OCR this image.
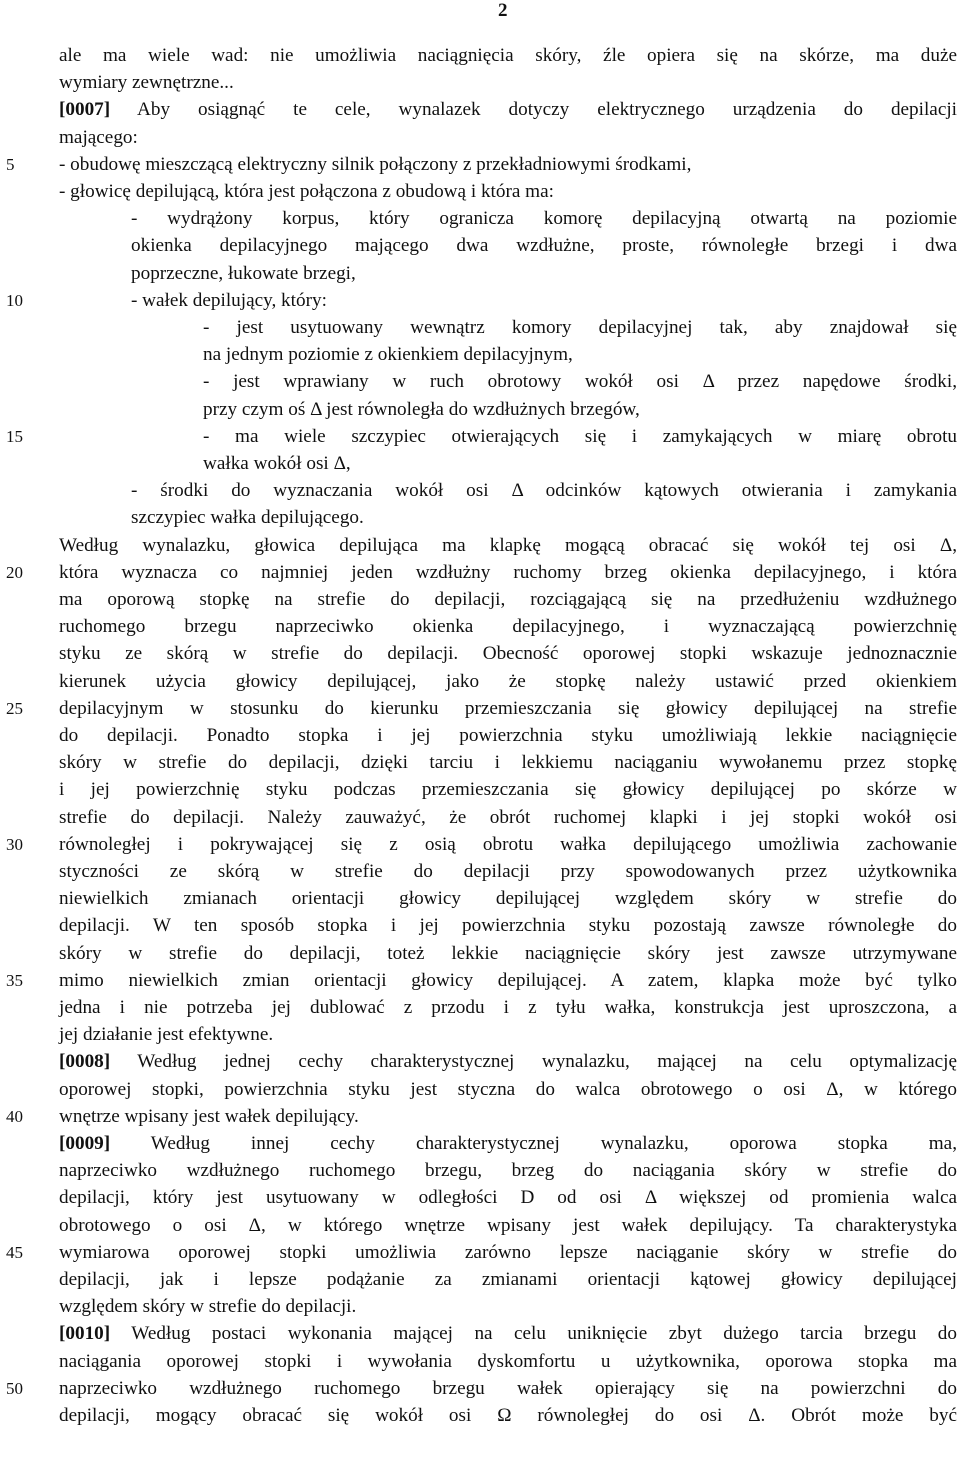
2
5
10
15
20
25
30
35
40
45
50
ale ma wiele wad: nie umożliwia naciągnięcia skóry, źle opiera się na skórze, ma duże
wymiary zewnętrzne...
[0007] Aby osiągnąć te cele, wynalazek dotyczy elektrycznego urządzenia do depilacji
mającego:
- obudowę mieszczącą elektryczny silnik połączony z przekładniowymi środkami,
- głowicę depilującą, która jest połączona z obudową i która ma:
- wydrążony korpus, który ogranicza komorę depilacyjną otwartą na poziomie
okienka depilacyjnego mającego dwa wzdłużne, proste, równoległe brzegi i dwa
poprzeczne, łukowate brzegi,
- wałek depilujący, który:
- jest usytuowany wewnątrz komory depilacyjnej tak, aby znajdował się
na jednym poziomie z okienkiem depilacyjnym,
- jest wprawiany w ruch obrotowy wokół osi Δ przez napędowe środki,
przy czym oś Δ jest równoległa do wzdłużnych brzegów,
- ma wiele szczypiec otwierających się i zamykających w miarę obrotu
wałka wokół osi Δ,
- środki do wyznaczania wokół osi Δ odcinków kątowych otwierania i zamykania
szczypiec wałka depilującego.
Według wynalazku, głowica depilująca ma klapkę mogącą obracać się wokół tej osi Δ,
która wyznacza co najmniej jeden wzdłużny ruchomy brzeg okienka depilacyjnego, i która
ma oporową stopkę na strefie do depilacji, rozciągającą się na przedłużeniu wzdłużnego
ruchomego brzegu naprzeciwko okienka depilacyjnego, i wyznaczającą powierzchnię
styku ze skórą w strefie do depilacji. Obecność oporowej stopki wskazuje jednoznacznie
kierunek użycia głowicy depilującej, jako że stopkę należy ustawić przed okienkiem
depilacyjnym w stosunku do kierunku przemieszczania się głowicy depilującej na strefie
do depilacji. Ponadto stopka i jej powierzchnia styku umożliwiają lekkie naciągnięcie
skóry w strefie do depilacji, dzięki tarciu i lekkiemu naciąganiu wywołanemu przez stopkę
i jej powierzchnię styku podczas przemieszczania się głowicy depilującej po skórze w
strefie do depilacji. Należy zauważyć, że obrót ruchomej klapki i jej stopki wokół osi
równoległej i pokrywającej się z osią obrotu wałka depilującego umożliwia zachowanie
styczności ze skórą w strefie do depilacji przy spowodowanych przez użytkownika
niewielkich zmianach orientacji głowicy depilującej względem skóry w strefie do
depilacji. W ten sposób stopka i jej powierzchnia styku pozostają zawsze równoległe do
skóry w strefie do depilacji, toteż lekkie naciągnięcie skóry jest zawsze utrzymywane
mimo niewielkich zmian orientacji głowicy depilującej. A zatem, klapka może być tylko
jedna i nie potrzeba jej dublować z przodu i z tyłu wałka, konstrukcja jest uproszczona, a
jej działanie jest efektywne.
[0008] Według jednej cechy charakterystycznej wynalazku, mającej na celu optymalizację
oporowej stopki, powierzchnia styku jest styczna do walca obrotowego o osi Δ, w którego
wnętrze wpisany jest wałek depilujący.
[0009] Według innej cechy charakterystycznej wynalazku, oporowa stopka ma,
naprzeciwko wzdłużnego ruchomego brzegu, brzeg do naciągania skóry w strefie do
depilacji, który jest usytuowany w odległości D od osi Δ większej od promienia walca
obrotowego o osi Δ, w którego wnętrze wpisany jest wałek depilujący. Ta charakterystyka
wymiarowa oporowej stopki umożliwia zarówno lepsze naciąganie skóry w strefie do
depilacji, jak i lepsze podążanie za zmianami orientacji kątowej głowicy depilującej
względem skóry w strefie do depilacji.
[0010] Według postaci wykonania mającej na celu uniknięcie zbyt dużego tarcia brzegu do
naciągania oporowej stopki i wywołania dyskomfortu u użytkownika, oporowa stopka ma
naprzeciwko wzdłużnego ruchomego brzegu wałek opierający się na powierzchni do
depilacji, mogący obracać się wokół osi Ω równoległej do osi Δ. Obrót może być
